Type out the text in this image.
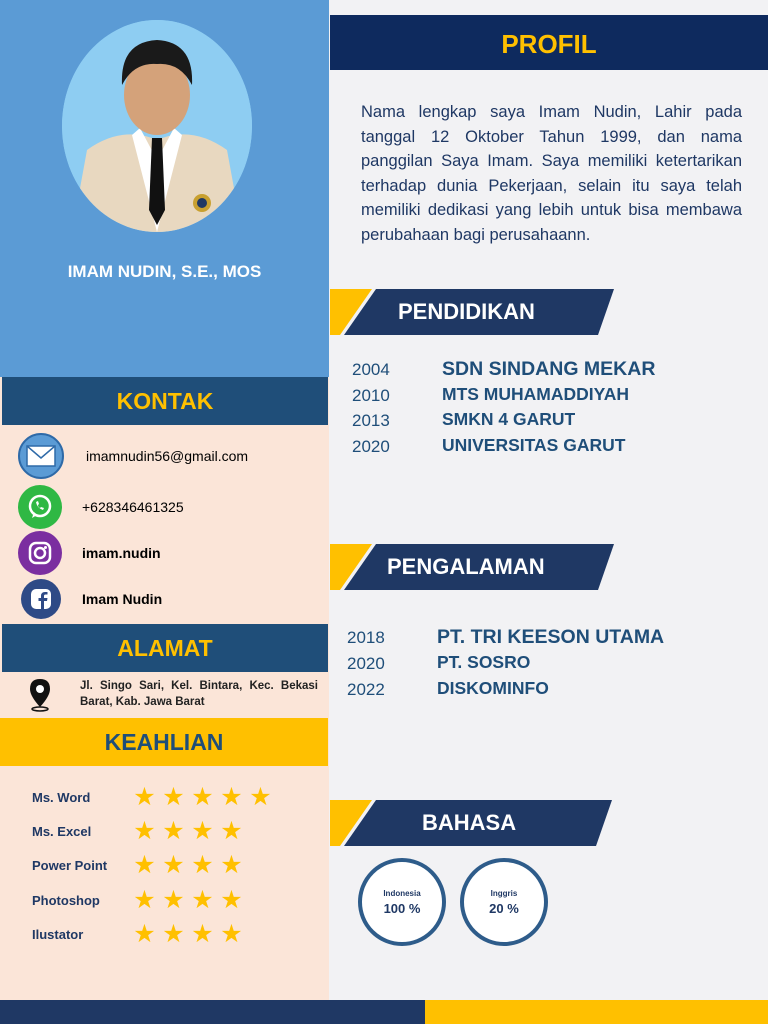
IMAM NUDIN, S.E., MOS
KONTAK
imamnudin56@gmail.com
+628346461325
imam.nudin
Imam Nudin
ALAMAT
Jl. Singo Sari, Kel. Bintara, Kec. Bekasi Barat, Kab. Jawa Barat
KEAHLIAN
Ms. Word	★ ★ ★ ★ ★
Ms. Excel	★ ★ ★ ★
Power Point	★ ★ ★ ★
Photoshop	★ ★ ★ ★
Ilustator	★ ★ ★ ★
PROFIL
Nama lengkap saya Imam Nudin, Lahir pada tanggal 12 Oktober Tahun 1999, dan nama panggilan Saya Imam. Saya memiliki ketertarikan terhadap dunia Pekerjaan, selain itu saya telah memiliki dedikasi yang lebih untuk bisa membawa perubahaan bagi perusahaann.
PENDIDIKAN
2004	SDN SINDANG MEKAR
2010	MTS MUHAMADDIYAH
2013	SMKN 4 GARUT
2020	UNIVERSITAS GARUT
PENGALAMAN
2018	PT. TRI KEESON UTAMA
2020	PT. SOSRO
2022	DISKOMINFO
BAHASA
Indonesia
100 %
Inggris
20 %
